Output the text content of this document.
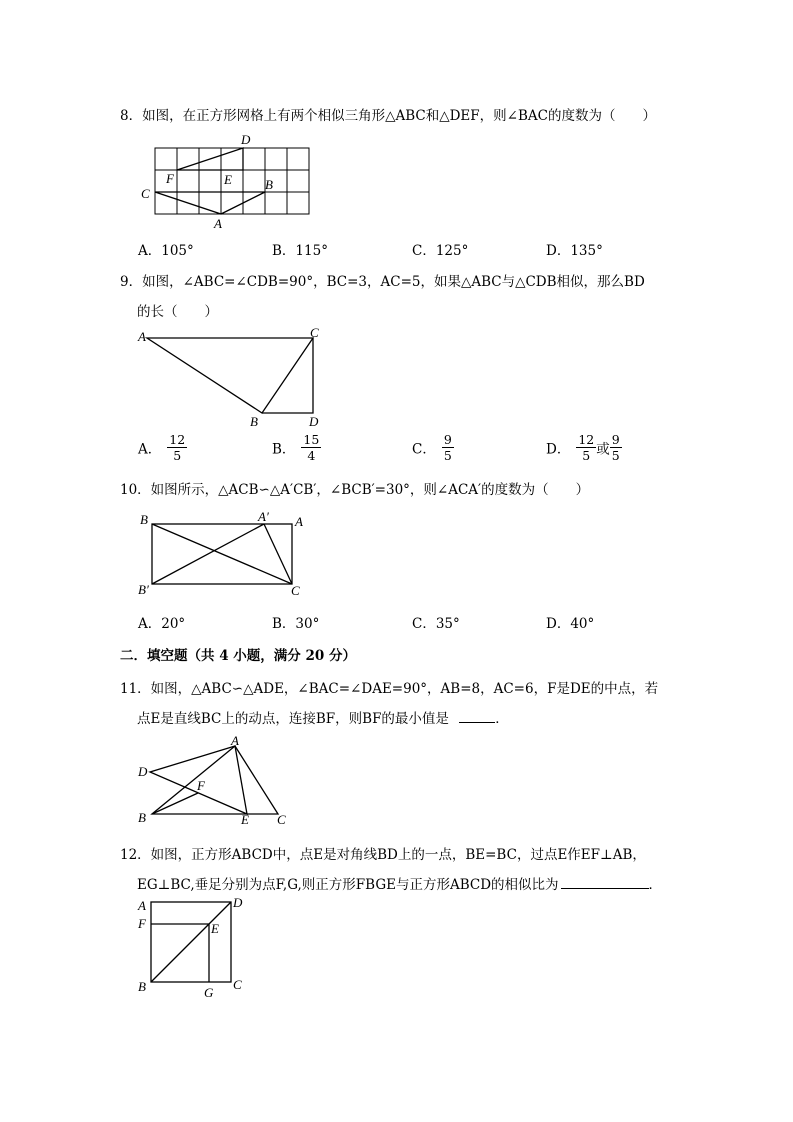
8．如图，在正方形网格上有两个相似三角形△ABC和△DEF，则∠BAC的度数为（　　）
D
F	E	B
C
A
A．105°	B．115°	C．125°	D．135°
9．如图，∠ABC=∠CDB=90°，BC=3，AC=5，如果△ABC与△CDB相似，那么BD
的长（　　）
A	C
B	D
A． $\frac{12}{5}$	B． $\frac{15}{4}$	C． $\frac{9}{5}$	D． $\frac{12}{5}$ 或 $\frac{9}{5}$
10．如图所示，△ACB∽△A′CB′，∠BCB′=30°，则∠ACA′的度数为（　　）
B	A′ A
B′	C
A．20°	B．30°	C．35°	D．40°
二．填空题（共 4 小题，满分 20 分）
11．如图，△ABC∽△ADE，∠BAC=∠DAE=90°，AB=8，AC=6，F是DE的中点，若
点E是直线BC上的动点，连接BF，则BF的最小值是	．
A
D
F
B	E C
12．如图，正方形ABCD中，点E是对角线BD上的一点，BE=BC，过点E作EF⊥AB，
EG⊥BC,垂足分别为点F,G,则正方形FBGE与正方形ABCD的相似比为	．
A	D
F	E
B	G
C
